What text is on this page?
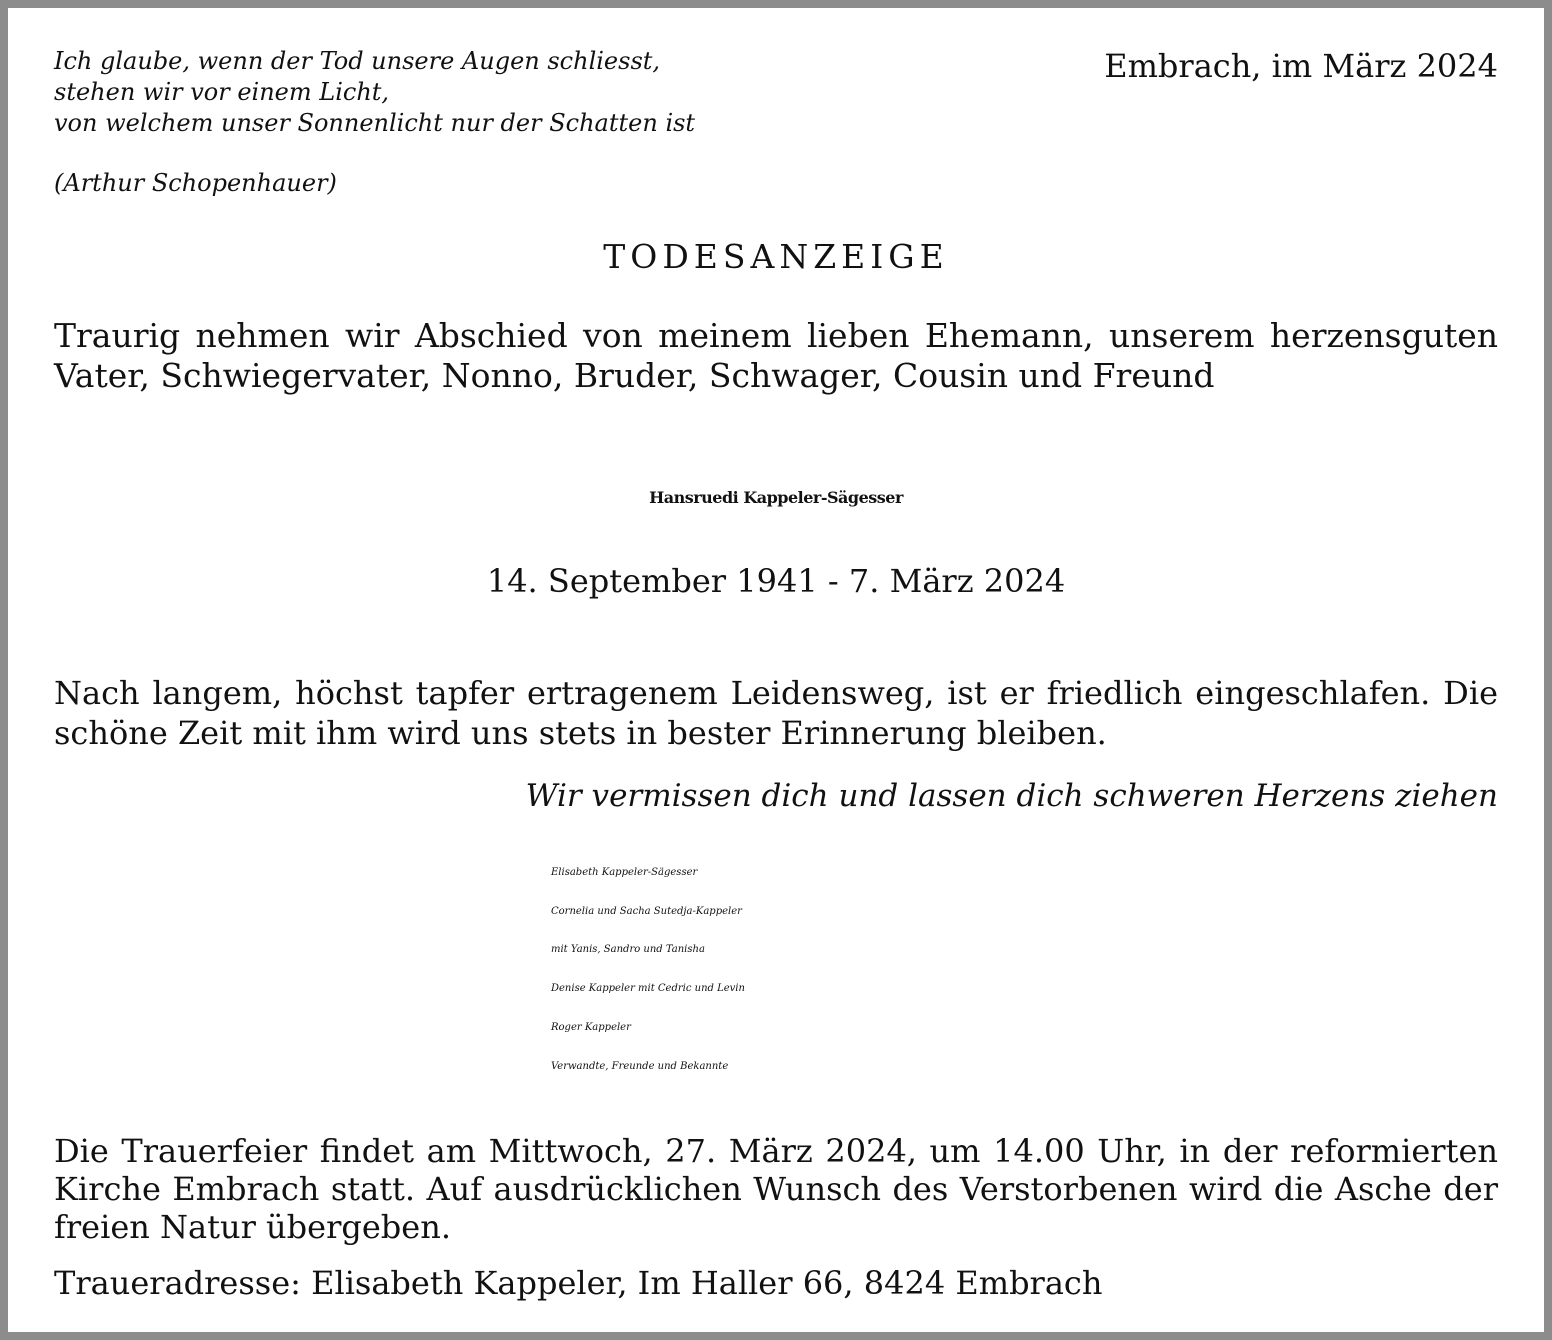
Ich glaube, wenn der Tod unsere Augen schliesst,
stehen wir vor einem Licht,
von welchem unser Sonnenlicht nur der Schatten ist

(Arthur Schopenhauer)

Embrach, im März 2024

TODESANZEIGE

Traurig nehmen wir Abschied von meinem lieben Ehemann, unserem herzensguten Vater, Schwiegervater, Nonno, Bruder, Schwager, Cousin und Freund

Hansruedi Kappeler-Sägesser

14. September 1941 - 7. März 2024

Nach langem, höchst tapfer ertragenem Leidensweg, ist er friedlich eingeschlafen. Die schöne Zeit mit ihm wird uns stets in bester Erinnerung bleiben.

Wir vermissen dich und lassen dich schweren Herzens ziehen

Elisabeth Kappeler-Sägesser
Cornelia und Sacha Sutedja-Kappeler
mit Yanis, Sandro und Tanisha
Denise Kappeler mit Cedric und Levin
Roger Kappeler
Verwandte, Freunde und Bekannte

Die Trauerfeier findet am Mittwoch, 27. März 2024, um 14.00 Uhr, in der reformierten Kirche Embrach statt. Auf ausdrücklichen Wunsch des Verstorbenen wird die Asche der freien Natur übergeben.

Traueradresse: Elisabeth Kappeler, Im Haller 66, 8424 Embrach
